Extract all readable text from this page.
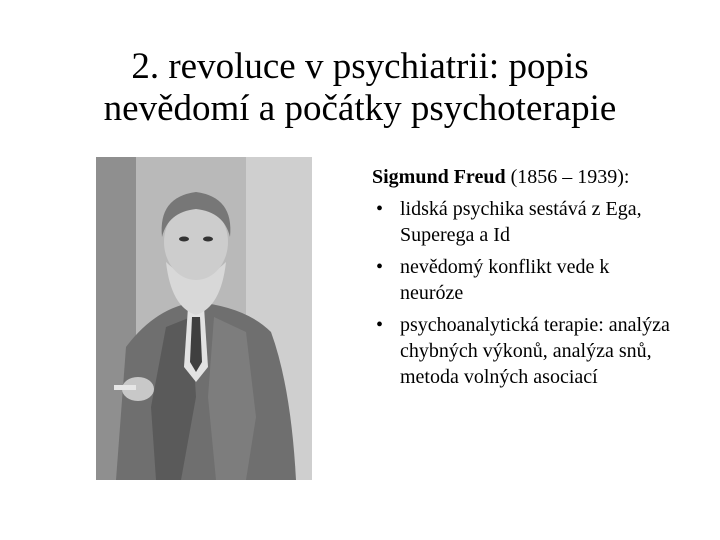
2. revoluce v psychiatrii: popis
nevědomí a počátky psychoterapie
Sigmund Freud (1856 – 1939):
• lidská psychika sestává z Ega, Superega a Id
• nevědomý konflikt vede k neuróze
• psychoanalytická terapie: analýza chybných výkonů, analýza snů, metoda volných asociací
